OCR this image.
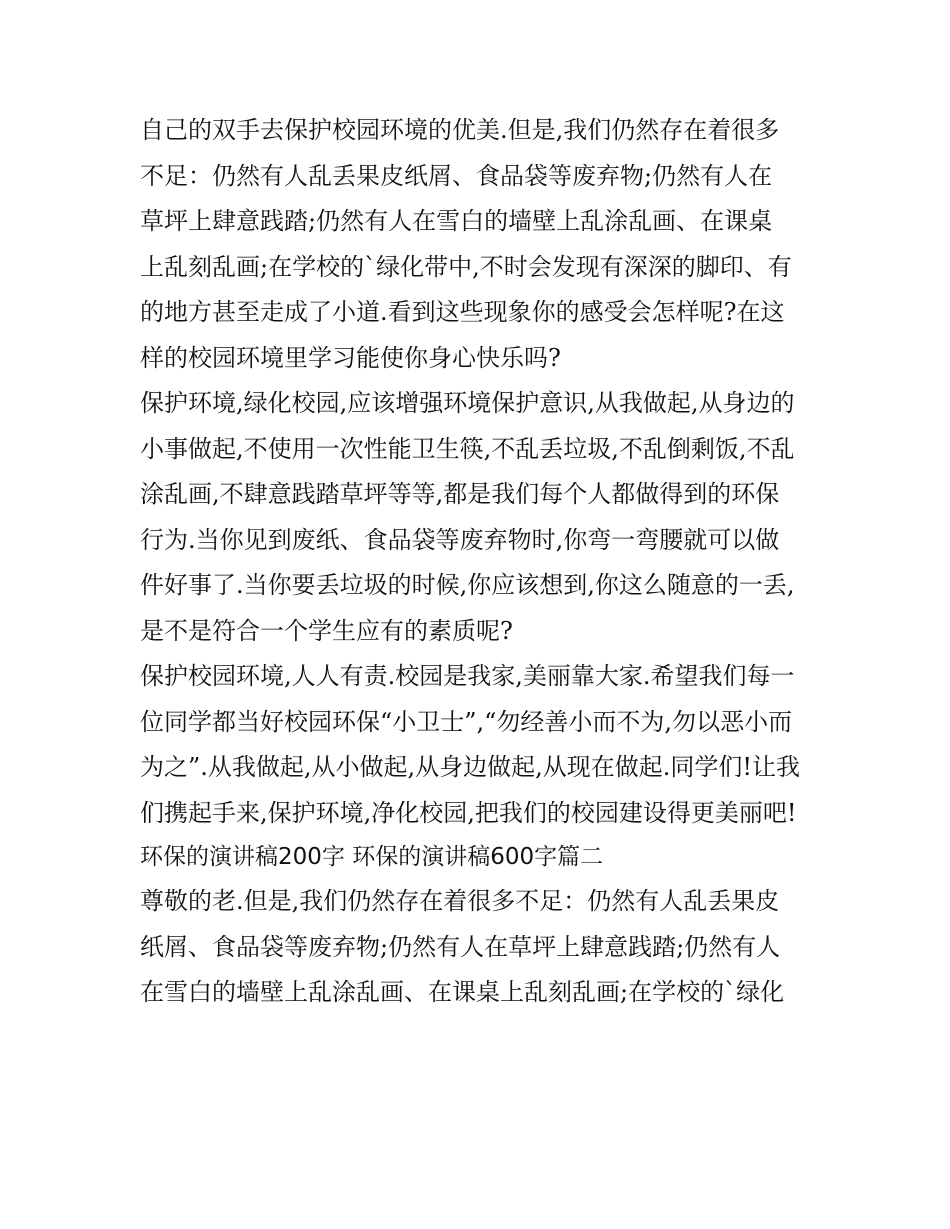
自己的双手去保护校园环境的优美.但是,我们仍然存在着很多
不足：仍然有人乱丢果皮纸屑、食品袋等废弃物;仍然有人在
草坪上肆意践踏;仍然有人在雪白的墙壁上乱涂乱画、在课桌
上乱刻乱画;在学校的`绿化带中,不时会发现有深深的脚印、有
的地方甚至走成了小道.看到这些现象你的感受会怎样呢?在这
样的校园环境里学习能使你身心快乐吗?
保护环境,绿化校园,应该增强环境保护意识,从我做起,从身边的
小事做起,不使用一次性能卫生筷,不乱丢垃圾,不乱倒剩饭,不乱
涂乱画,不肆意践踏草坪等等,都是我们每个人都做得到的环保
行为.当你见到废纸、食品袋等废弃物时,你弯一弯腰就可以做
件好事了.当你要丢垃圾的时候,你应该想到,你这么随意的一丢,
是不是符合一个学生应有的素质呢?
保护校园环境,人人有责.校园是我家,美丽靠大家.希望我们每一
位同学都当好校园环保“小卫士”,“勿经善小而不为,勿以恶小而
为之”.从我做起,从小做起,从身边做起,从现在做起.同学们!让我
们携起手来,保护环境,净化校园,把我们的校园建设得更美丽吧!
环保的演讲稿200字 环保的演讲稿600字篇二
尊敬的老.但是,我们仍然存在着很多不足：仍然有人乱丢果皮
纸屑、食品袋等废弃物;仍然有人在草坪上肆意践踏;仍然有人
在雪白的墙壁上乱涂乱画、在课桌上乱刻乱画;在学校的`绿化
